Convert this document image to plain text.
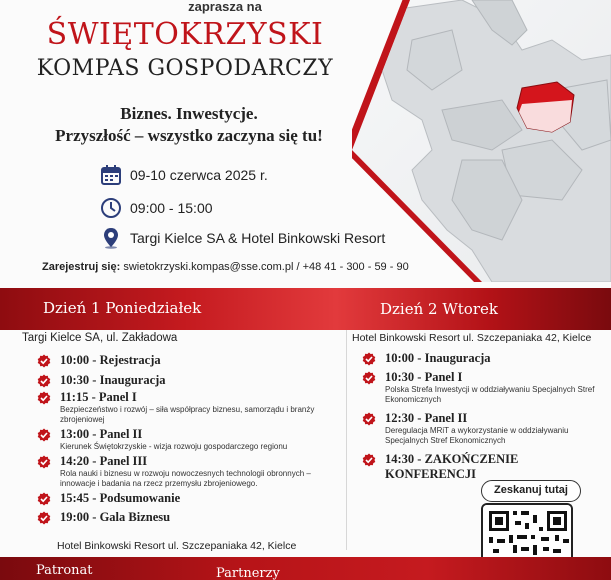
zaprasza na
ŚWIĘTOKRZYSKI
KOMPAS GOSPODARCZY
Biznes. Inwestycje.
Przyszłość – wszystko zaczyna się tu!
09-10 czerwca 2025 r.
09:00 - 15:00
Targi Kielce SA & Hotel Binkowski Resort
Zarejestruj się: swietokrzyski.kompas@sse.com.pl / +48 41 - 300 - 59 - 90
Dzień 1 Poniedziałek	Dzień 2 Wtorek
Targi Kielce SA, ul. Zakładowa	Hotel Binkowski Resort ul. Szczepaniaka 42, Kielce
10:00 - Rejestracja
10:30 - Inauguracja
11:15 - Panel I
Bezpieczeństwo i rozwój – siła współpracy biznesu, samorządu i branży zbrojeniowej
13:00 - Panel II
Kierunek Świętokrzyskie - wizja rozwoju gospodarczego regionu
14:20 - Panel III
Rola nauki i biznesu w rozwoju nowoczesnych technologii obronnych – innowacje i badania na rzecz przemysłu zbrojeniowego.
15:45 - Podsumowanie
19:00 - Gala Biznesu
Hotel Binkowski Resort ul. Szczepaniaka 42, Kielce
10:00 - Inauguracja
10:30 - Panel I
Polska Strefa Inwestycji w oddziaływaniu Specjalnych Stref Ekonomicznych
12:30 - Panel II
Deregulacja MRiT a wykorzystanie w oddziaływaniu Specjalnych Stref Ekonomicznych
14:30 - ZAKOŃCZENIE KONFERENCJI
Zeskanuj tutaj
Patronat	Partnerzy
